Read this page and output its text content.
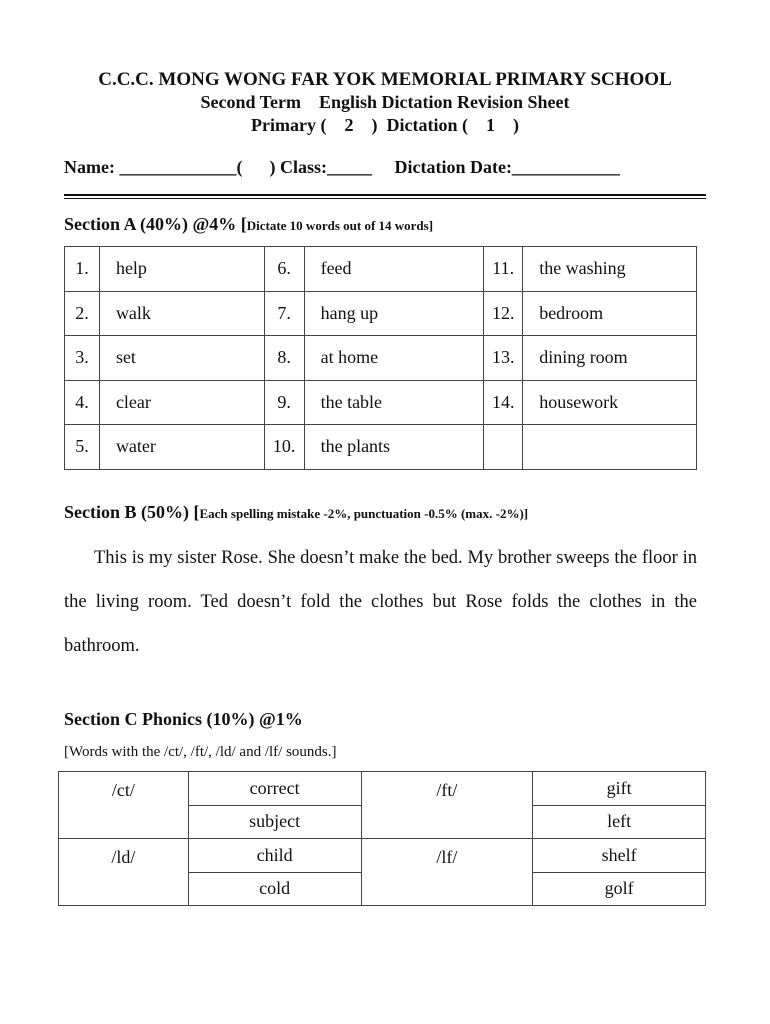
C.C.C. MONG WONG FAR YOK MEMORIAL PRIMARY SCHOOL
Second Term    English Dictation Revision Sheet
Primary (    2    )  Dictation (    1    )
Name: _____________(      ) Class:_____     Dictation Date:____________
Section A (40%) @4% [Dictate 10 words out of 14 words]
1.	help	6.	feed	11.	the washing
2.	walk	7.	hang up	12.	bedroom
3.	set	8.	at home	13.	dining room
4.	clear	9.	the table	14.	housework
5.	water	10.	the plants		
Section B (50%) [Each spelling mistake -2%, punctuation -0.5% (max. -2%)]
This is my sister Rose. She doesn’t make the bed. My brother sweeps the floor in the living room. Ted doesn’t fold the clothes but Rose folds the clothes in the bathroom.
Section C Phonics (10%) @1%
[Words with the /ct/, /ft/, /ld/ and /lf/ sounds.]
/ct/	correct	/ft/	gift
	subject		left
/ld/	child	/lf/	shelf
	cold		golf
